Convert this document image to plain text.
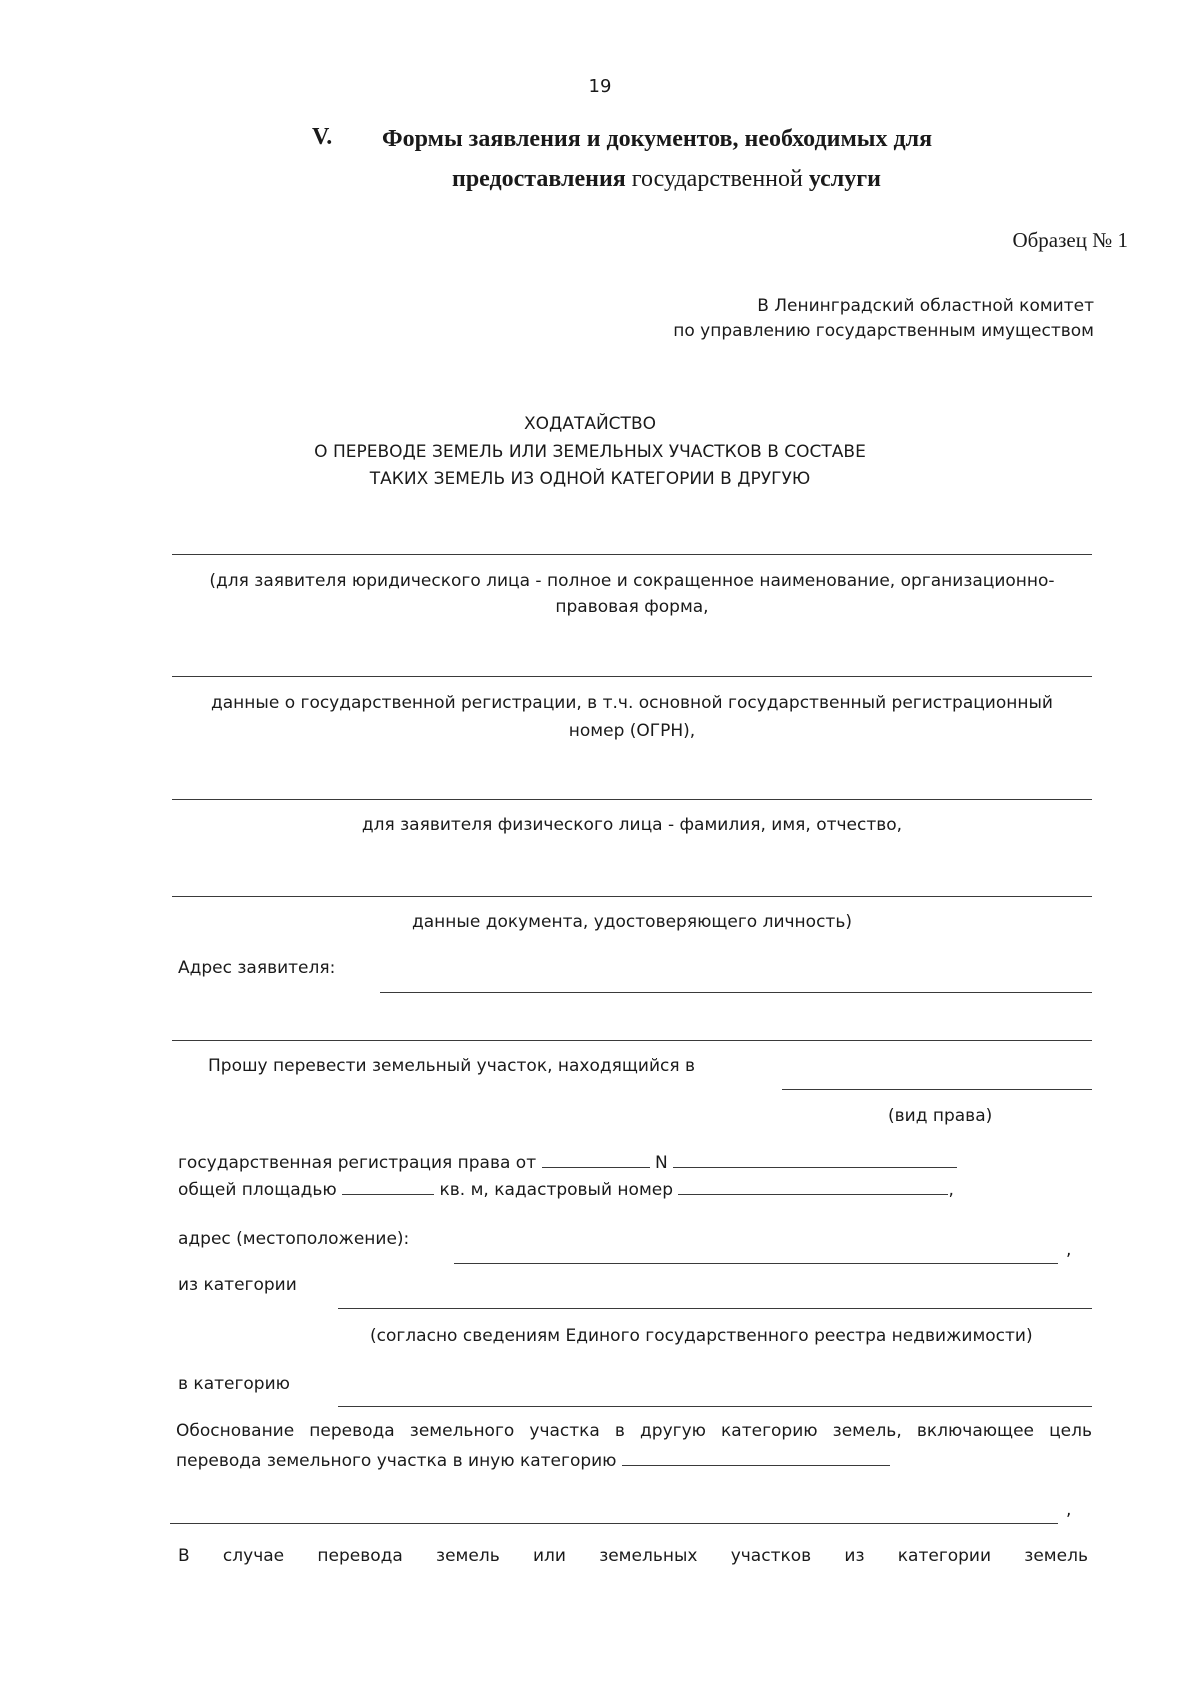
19
V. Формы заявления и документов, необходимых для
предоставления государственной услуги
Образец № 1
В Ленинградский областной комитет
по управлению государственным имуществом
ХОДАТАЙСТВО
О ПЕРЕВОДЕ ЗЕМЕЛЬ ИЛИ ЗЕМЕЛЬНЫХ УЧАСТКОВ В СОСТАВЕ
ТАКИХ ЗЕМЕЛЬ ИЗ ОДНОЙ КАТЕГОРИИ В ДРУГУЮ
(для заявителя юридического лица - полное и сокращенное наименование, организационно-
правовая форма,
данные о государственной регистрации, в т.ч. основной государственный регистрационный
номер (ОГРН),
для заявителя физического лица - фамилия, имя, отчество,
данные документа, удостоверяющего личность)
Адрес заявителя:
Прошу перевести земельный участок, находящийся в
(вид права)
государственная регистрация права от	N
общей площадью	кв. м, кадастровый номер	,
адрес (местоположение):
,
из категории
(согласно сведениям Единого государственного реестра недвижимости)
в категорию
Обоснование перевода земельного участка в другую категорию земель, включающее цель
перевода земельного участка в иную категорию
,
В случае перевода земель или земельных участков из категории земель
